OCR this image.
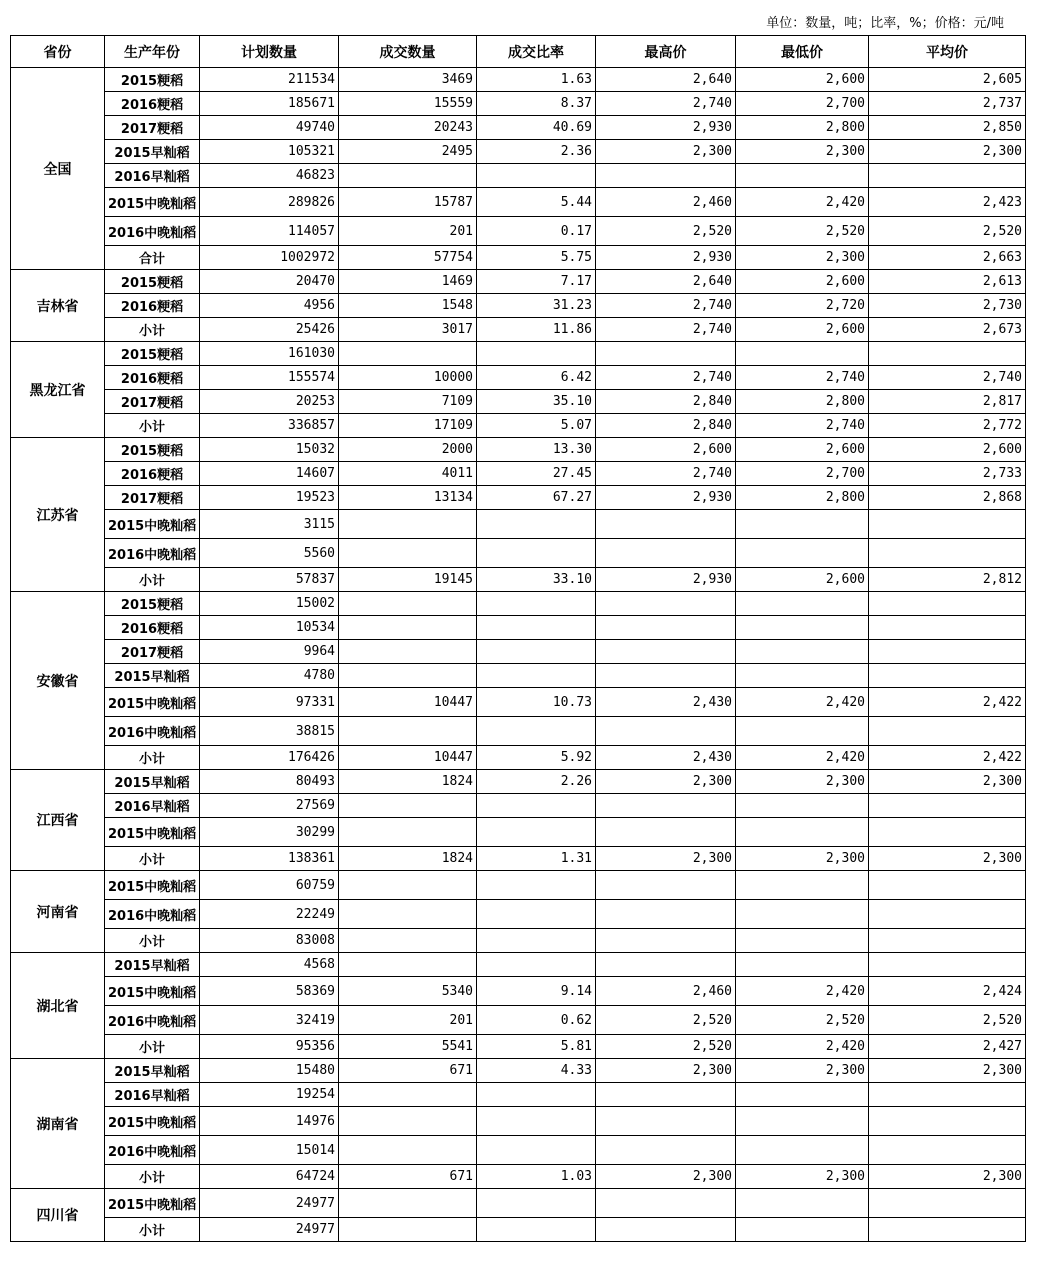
单位：数量，吨；比率，%；价格：元/吨
省份	生产年份	计划数量	成交数量	成交比率	最高价	最低价	平均价
全国	2015粳稻	211534	3469	1.63	2,640	2,600	2,605
	2016粳稻	185671	15559	8.37	2,740	2,700	2,737
	2017粳稻	49740	20243	40.69	2,930	2,800	2,850
	2015早籼稻	105321	2495	2.36	2,300	2,300	2,300
	2016早籼稻	46823					
	2015中晚籼稻	289826	15787	5.44	2,460	2,420	2,423
	2016中晚籼稻	114057	201	0.17	2,520	2,520	2,520
	合计	1002972	57754	5.75	2,930	2,300	2,663
吉林省	2015粳稻	20470	1469	7.17	2,640	2,600	2,613
	2016粳稻	4956	1548	31.23	2,740	2,720	2,730
	小计	25426	3017	11.86	2,740	2,600	2,673
黑龙江省	2015粳稻	161030					
	2016粳稻	155574	10000	6.42	2,740	2,740	2,740
	2017粳稻	20253	7109	35.10	2,840	2,800	2,817
	小计	336857	17109	5.07	2,840	2,740	2,772
江苏省	2015粳稻	15032	2000	13.30	2,600	2,600	2,600
	2016粳稻	14607	4011	27.45	2,740	2,700	2,733
	2017粳稻	19523	13134	67.27	2,930	2,800	2,868
	2015中晚籼稻	3115					
	2016中晚籼稻	5560					
	小计	57837	19145	33.10	2,930	2,600	2,812
安徽省	2015粳稻	15002					
	2016粳稻	10534					
	2017粳稻	9964					
	2015早籼稻	4780					
	2015中晚籼稻	97331	10447	10.73	2,430	2,420	2,422
	2016中晚籼稻	38815					
	小计	176426	10447	5.92	2,430	2,420	2,422
江西省	2015早籼稻	80493	1824	2.26	2,300	2,300	2,300
	2016早籼稻	27569					
	2015中晚籼稻	30299					
	小计	138361	1824	1.31	2,300	2,300	2,300
河南省	2015中晚籼稻	60759					
	2016中晚籼稻	22249					
	小计	83008					
湖北省	2015早籼稻	4568					
	2015中晚籼稻	58369	5340	9.14	2,460	2,420	2,424
	2016中晚籼稻	32419	201	0.62	2,520	2,520	2,520
	小计	95356	5541	5.81	2,520	2,420	2,427
湖南省	2015早籼稻	15480	671	4.33	2,300	2,300	2,300
	2016早籼稻	19254					
	2015中晚籼稻	14976					
	2016中晚籼稻	15014					
	小计	64724	671	1.03	2,300	2,300	2,300
四川省	2015中晚籼稻	24977					
	小计	24977					
